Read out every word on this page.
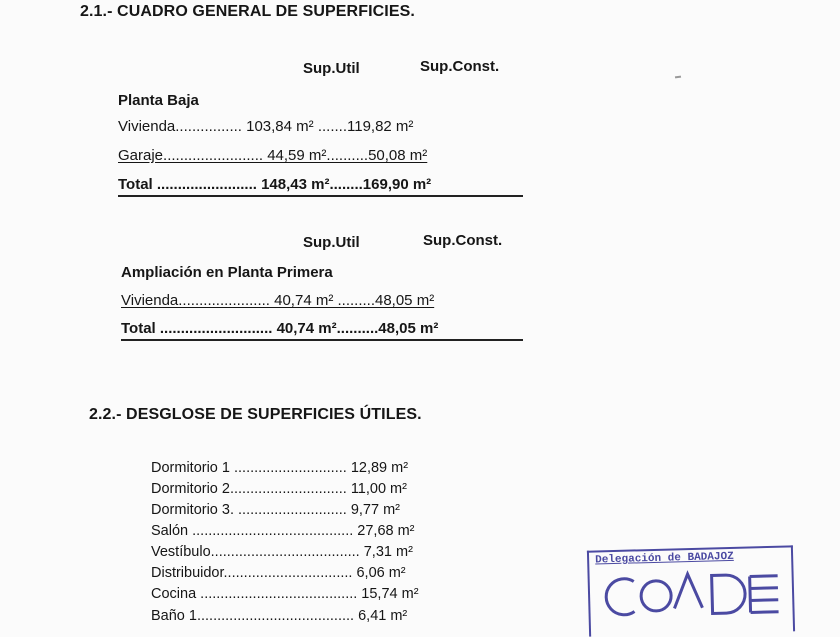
2.1.- CUADRO GENERAL DE SUPERFICIES.
Sup.Util	Sup.Const.
Planta Baja
Vivienda................ 103,84 m² .......119,82 m²
Garaje........................ 44,59 m²..........50,08 m²
Total ........................ 148,43 m²........169,90 m²
Sup.Util	Sup.Const.
Ampliación en Planta Primera
Vivienda...................... 40,74 m² .........48,05 m²
Total ........................... 40,74 m²..........48,05 m²
2.2.- DESGLOSE DE SUPERFICIES ÚTILES.
Dormitorio 1 ............................ 12,89 m²
Dormitorio 2............................. 11,00 m²
Dormitorio 3. ........................... 9,77 m²
Salón ........................................ 27,68 m²
Vestíbulo..................................... 7,31 m²
Distribuidor................................ 6,06 m²
Cocina ....................................... 15,74 m²
Baño 1....................................... 6,41 m²
Delegación de BADAJOZ
